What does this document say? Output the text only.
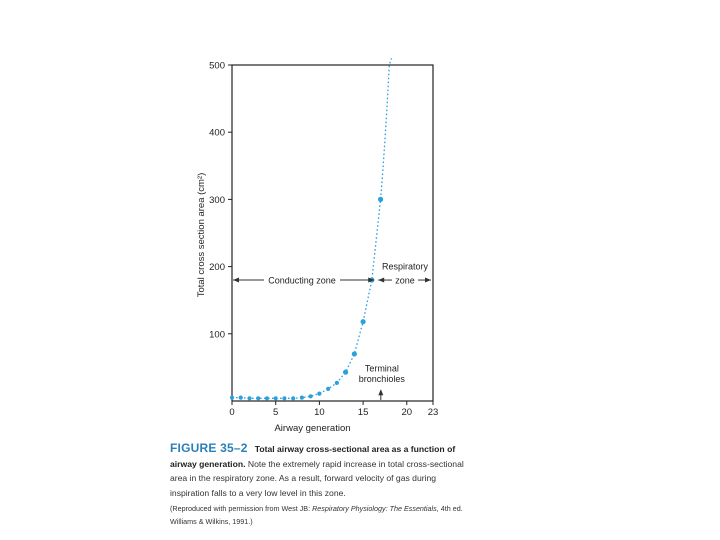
0	5	10	15	20 23
100
200
300
400
500
Conducting zone
Respiratory
zone
Terminal
bronchioles
Airway generation
Total cross section area (cm²)
FIGURE 35–2 Total airway cross-sectional area as a function of airway generation. Note the extremely rapid increase in total cross-sectional area in the respiratory zone. As a result, forward velocity of gas during inspiration falls to a very low level in this zone.
(Reproduced with permission from West JB: Respiratory Physiology: The Essentials, 4th ed. Williams & Wilkins, 1991.)
